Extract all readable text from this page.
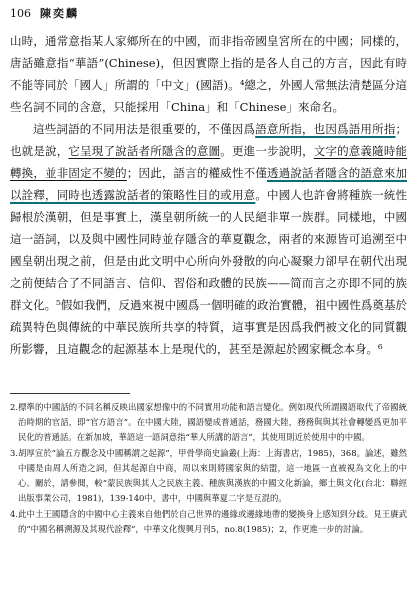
106 陳奕麟

山時，通常意指某人家鄉所在的中國，而非指帝國皇宮所在的中國；同樣的，唐話雖意指“華語”(Chinese)，但因實際上指的是各人自己的方言，因此有時不能等同於「國人」所謂的「中文」(國語)。⁴總之，外國人常無法清楚區分這些名詞不同的含意，只能採用「China」和「Chinese」來命名。

這些詞語的不同用法是很重要的，不僅因爲語意所指，也因爲語用所指；也就是說，它呈現了說話者所隱含的意圖。更進一步說明，文字的意義隨時能轉換，並非固定不變的；因此，語言的權威性不僅透過說話者隱含的語意來加以詮釋，同時也透露說話者的策略性目的或用意。中國人也許會將種族一統性歸根於漢朝，但是事實上，漢皇朝所統一的人民絕非單一族群。同樣地，中國這一語詞，以及與中國性同時並存隱含的華夏觀念，兩者的來源皆可追溯至中國皇朝出現之前，但是由此文明中心所向外發散的向心凝聚力卻早在朝代出現之前便結合了不同語言、信仰、習俗和政體的民族——简而言之亦即不同的族群文化。⁵假如我們，反過來視中國爲一個明確的政治實體，祖中國性爲奠基於疏異特色與傳統的中華民族所共享的特質，這事實是因爲我們被文化的同質觀所影響，且這觀念的起源基本上是現代的，甚至是源起於國家概念本身。⁶

2.標準的中國話的不同名稱反映出國家想像中的不同實用功能和語言變化。例如現代所謂國語取代了帝國統治時期的官話，即“官方語言”。在中國大陸，國語變成普通話，務國大陸，務務與與其社會轉變爲更加平民化的普通話。在新加坡，華語這一語詞意指“華人所講的語言”，其使用則近於使用中的中國。

3.胡厚宣於“論五方觀念及中國稱謂之起源”，甲骨學商史論叢(上海：上海書店，1985)，368。論述，雖然中國是由周人所造之詞，但其起源自中商，周以來則將國家與的結盟，這一地區一直被視為文化上的中心。關於，請參閱，較“蒙民族與其人之民族主義、種族與漢族的中國文化新論，鄉土與文化(台北：聯經出版事業公司，1981)，139-140中，書中，中國與華夏二字是互混的。

4.此中土王國隱含的中國中心主義來自他們於自己世界的邊緣或邊緣地帶的變換身上感知到分歧。見王賡武的“中國名稱溯源及其現代詮釋”，中華文化復興月刊5，no.8(1985)；2，作更進一步的討論。
